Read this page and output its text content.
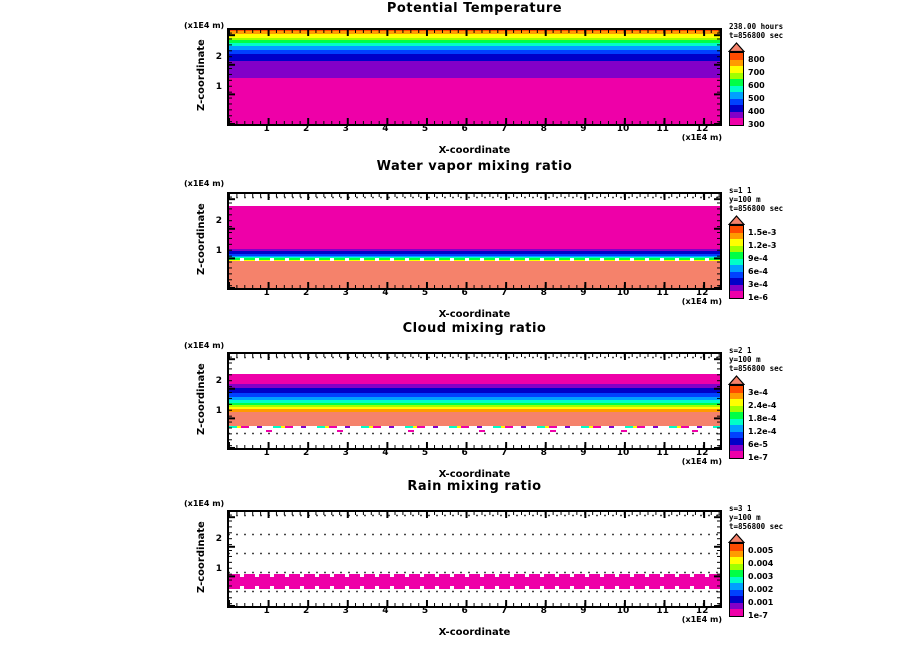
Potential Temperature
(x1E4 m)
Z-coordinate 2
1
1	2	3	4	5	6	7	8	9	10	11	12
(x1E4 m)
X-coordinate
238.00 hours
t=856800 sec
800
700
600
500
400
300
Water vapor mixing ratio
(x1E4 m)
Z-coordinate 2
1
1	2	3	4	5	6	7	8	9	10	11	12
(x1E4 m)
X-coordinate
s=1 1
y=100 m
t=856800 sec
1.5e-3
1.2e-3
9e-4
6e-4
3e-4
1e-6
Cloud mixing ratio
(x1E4 m)
Z-coordinate 2
1
1	2	3	4	5	6	7	8	9	10	11	12
(x1E4 m)
X-coordinate
s=2 1
y=100 m
t=856800 sec
3e-4
2.4e-4
1.8e-4
1.2e-4
6e-5
1e-7
Rain mixing ratio
(x1E4 m)
Z-coordinate 2
1
1	2	3	4	5	6	7	8	9	10	11	12
(x1E4 m)
X-coordinate
s=3 1
y=100 m
t=856800 sec
0.005
0.004
0.003
0.002
0.001
1e-7
